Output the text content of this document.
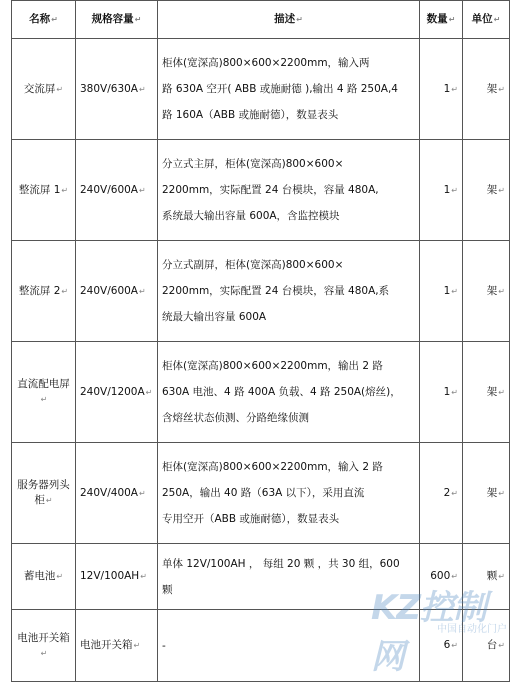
名称↵	规格容量↵	描述↵	数量↵	单位↵
交流屏↵	380V/630A↵	柜体(宽深高)800×600×2200mm，输入两
路 630A 空开( ABB 或施耐德 ),输出 4 路 250A,4
路 160A（ABB 或施耐德），数显表头	1↵	架↵
整流屏 1↵	240V/600A↵	分立式主屏，柜体(宽深高)800×600×
2200mm，实际配置 24 台模块，容量 480A,
系统最大输出容量 600A，含监控模块	1↵	架↵
整流屏 2↵	240V/600A↵	分立式副屏，柜体(宽深高)800×600×
2200mm，实际配置 24 台模块，容量 480A,系
统最大输出容量 600A	1↵	架↵
直流配电屏↵	240V/1200A↵	柜体(宽深高)800×600×2200mm，输出 2 路
630A 电池、4 路 400A 负载、4 路 250A(熔丝)，
含熔丝状态侦测、分路绝缘侦测	1↵	架↵
服务器列头柜↵	240V/400A↵	柜体(宽深高)800×600×2200mm，输入 2 路
250A，输出 40 路（63A 以下），采用直流
专用空开（ABB 或施耐德），数显表头	2↵	架↵
蓄电池↵	12V/100AH↵	单体 12V/100AH ， 每组 20 颗 ，共 30 组，600
颗	600↵	颗↵
电池开关箱↵	电池开关箱↵	-	6↵	台↵
中国自动化门户
KZ控制网
